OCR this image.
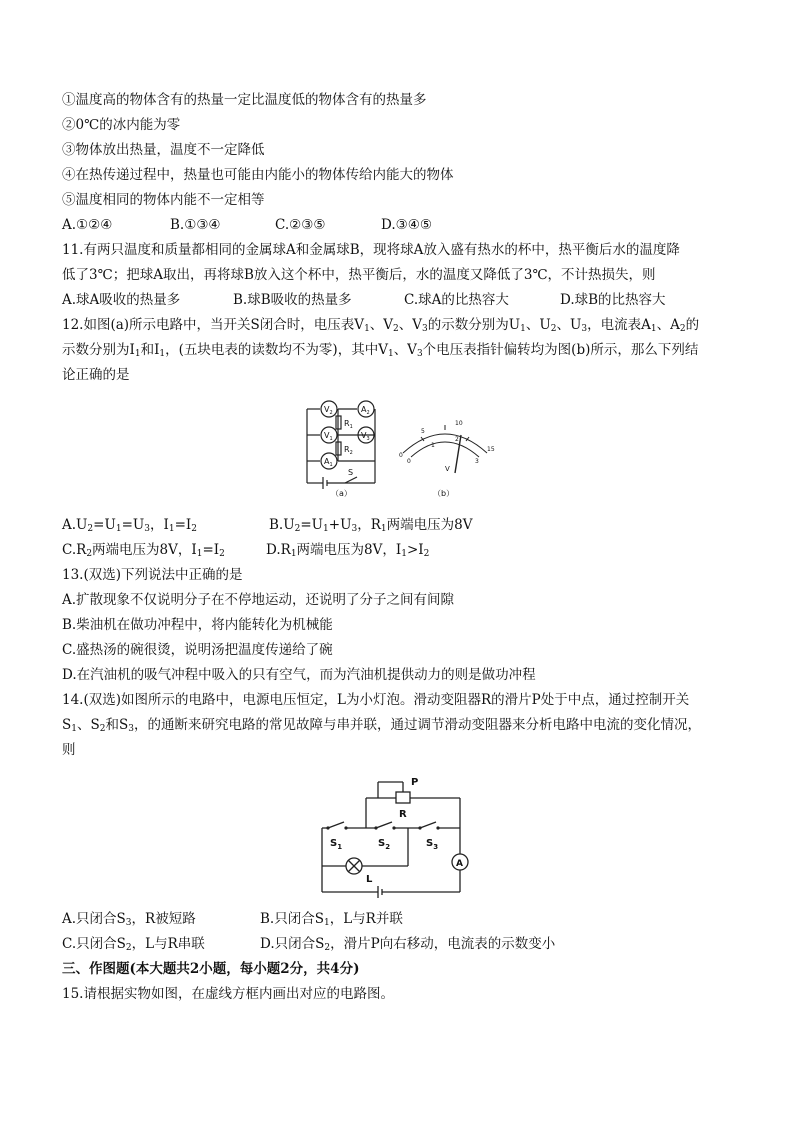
①温度高的物体含有的热量一定比温度低的物体含有的热量多
②0℃的冰内能为零
③物体放出热量，温度不一定降低
④在热传递过程中，热量也可能由内能小的物体传给内能大的物体
⑤温度相同的物体内能不一定相等
A.①②④	B.①③④	C.②③⑤	D.③④⑤
11.有两只温度和质量都相同的金属球A和金属球B，现将球A放入盛有热水的杯中，热平衡后水的温度降
低了3℃；把球A取出，再将球B放入这个杯中，热平衡后，水的温度又降低了3℃，不计热损失，则
A.球A吸收的热量多	B.球B吸收的热量多	C.球A的比热容大	D.球B的比热容大
12.如图(a)所示电路中，当开关S闭合时，电压表$V_1$、$V_2$、$V_3$的示数分别为$U_1$、$U_2$、$U_3$，电流表$A_1$、$A_2$的
示数分别为$I_1$和$I_1$，(五块电表的读数均不为零)，其中$V_1$、$V_3$个电压表指针偏转均为图(b)所示，那么下列结
论正确的是
$V_2$	$A_2$
$R_1$
$V_1$	$V_3$
$R_2$
$A_1$
S
（a）
0
5
10
15
0
1
2
3
V
（b）
$A.U_2=U_1=U_3$，$I_1=I_2$	$B.U_2=U_1+U_3$，$R_1$两端电压为8V
$C.R_2$两端电压为8V，$I_1=I_2$	$D.R_1$两端电压为8V，$I_1>I_2$
13.(双选)下列说法中正确的是
A.扩散现象不仅说明分子在不停地运动，还说明了分子之间有间隙
B.柴油机在做功冲程中，将内能转化为机械能
C.盛热汤的碗很烫，说明汤把温度传递给了碗
D.在汽油机的吸气冲程中吸入的只有空气，而为汽油机提供动力的则是做功冲程
14.(双选)如图所示的电路中，电源电压恒定，L为小灯泡。滑动变阻器R的滑片P处于中点，通过控制开关
$S_1$、$S_2$和$S_3$，的通断来研究电路的常见故障与串并联，通过调节滑动变阻器来分析电路中电流的变化情况，
则
P
R
$S_1$	$S_2$	$S_3$
L
A
A.只闭合$S_3$，R被短路	B.只闭合$S_1$，L与R并联
C.只闭合$S_2$，L与R串联	D.只闭合$S_2$，滑片P向右移动，电流表的示数变小
三、作图题(本大题共2小题，每小题2分，共4分)
15.请根据实物如图，在虚线方框内画出对应的电路图。
